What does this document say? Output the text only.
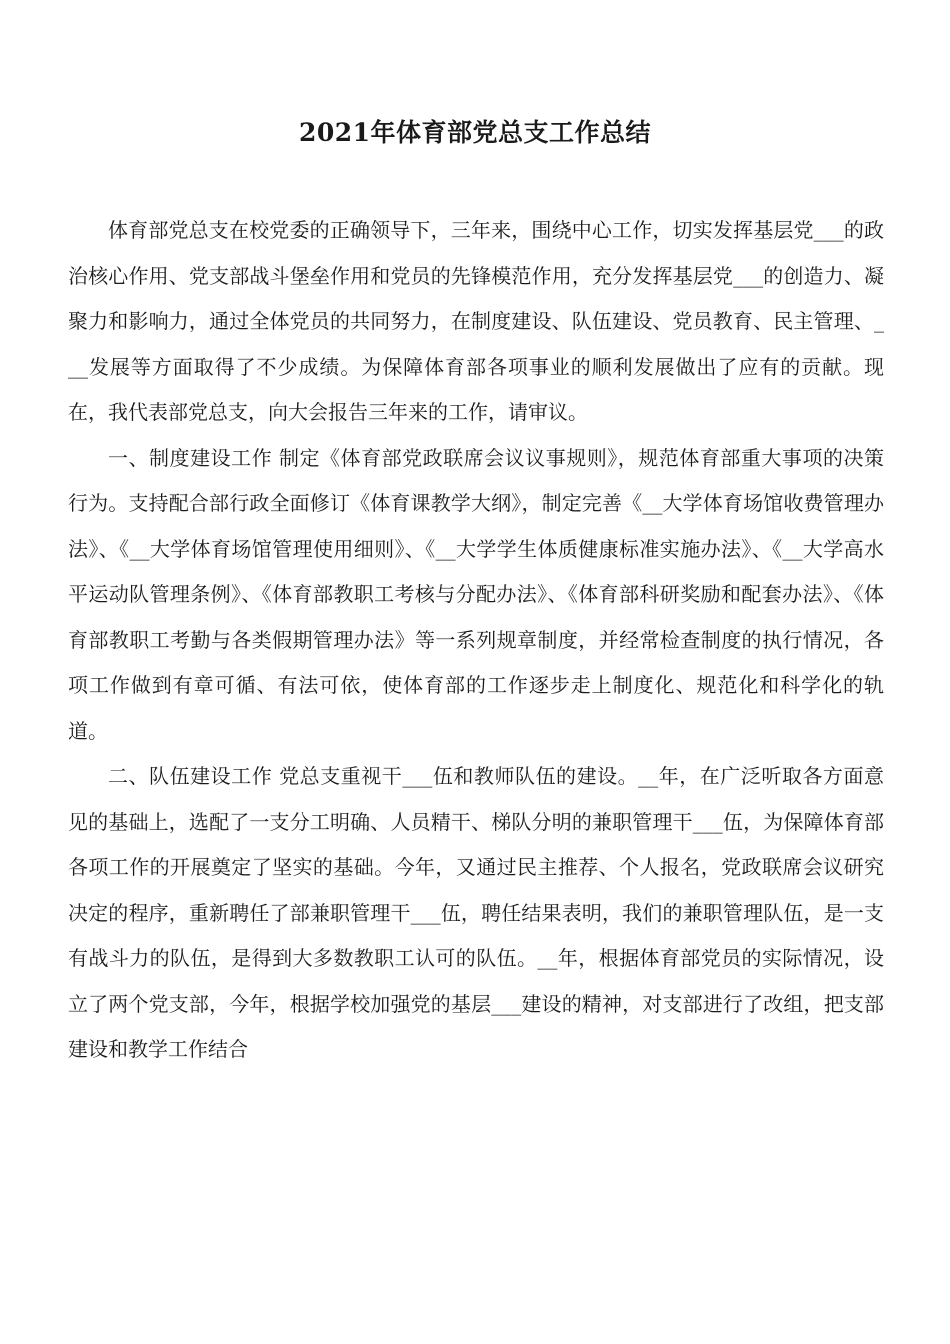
2021年体育部党总支工作总结

体育部党总支在校党委的正确领导下，三年来，围绕中心工作，切实发挥基层党___的政治核心作用、党支部战斗堡垒作用和党员的先锋模范作用，充分发挥基层党___的创造力、凝聚力和影响力，通过全体党员的共同努力，在制度建设、队伍建设、党员教育、民主管理、___发展等方面取得了不少成绩。为保障体育部各项事业的顺利发展做出了应有的贡献。现在，我代表部党总支，向大会报告三年来的工作，请审议。

一、制度建设工作 制定《体育部党政联席会议议事规则》，规范体育部重大事项的决策行为。支持配合部行政全面修订《体育课教学大纲》，制定完善《__大学体育场馆收费管理办法》、《__大学体育场馆管理使用细则》、《__大学学生体质健康标准实施办法》、《__大学高水平运动队管理条例》、《体育部教职工考核与分配办法》、《体育部科研奖励和配套办法》、《体育部教职工考勤与各类假期管理办法》等一系列规章制度，并经常检查制度的执行情况，各项工作做到有章可循、有法可依，使体育部的工作逐步走上制度化、规范化和科学化的轨道。

二、队伍建设工作 党总支重视干___伍和教师队伍的建设。__年，在广泛听取各方面意见的基础上，选配了一支分工明确、人员精干、梯队分明的兼职管理干___伍，为保障体育部各项工作的开展奠定了坚实的基础。今年，又通过民主推荐、个人报名，党政联席会议研究决定的程序，重新聘任了部兼职管理干___伍，聘任结果表明，我们的兼职管理队伍，是一支有战斗力的队伍，是得到大多数教职工认可的队伍。__年，根据体育部党员的实际情况，设立了两个党支部，今年，根据学校加强党的基层___建设的精神，对支部进行了改组，把支部建设和教学工作结合
